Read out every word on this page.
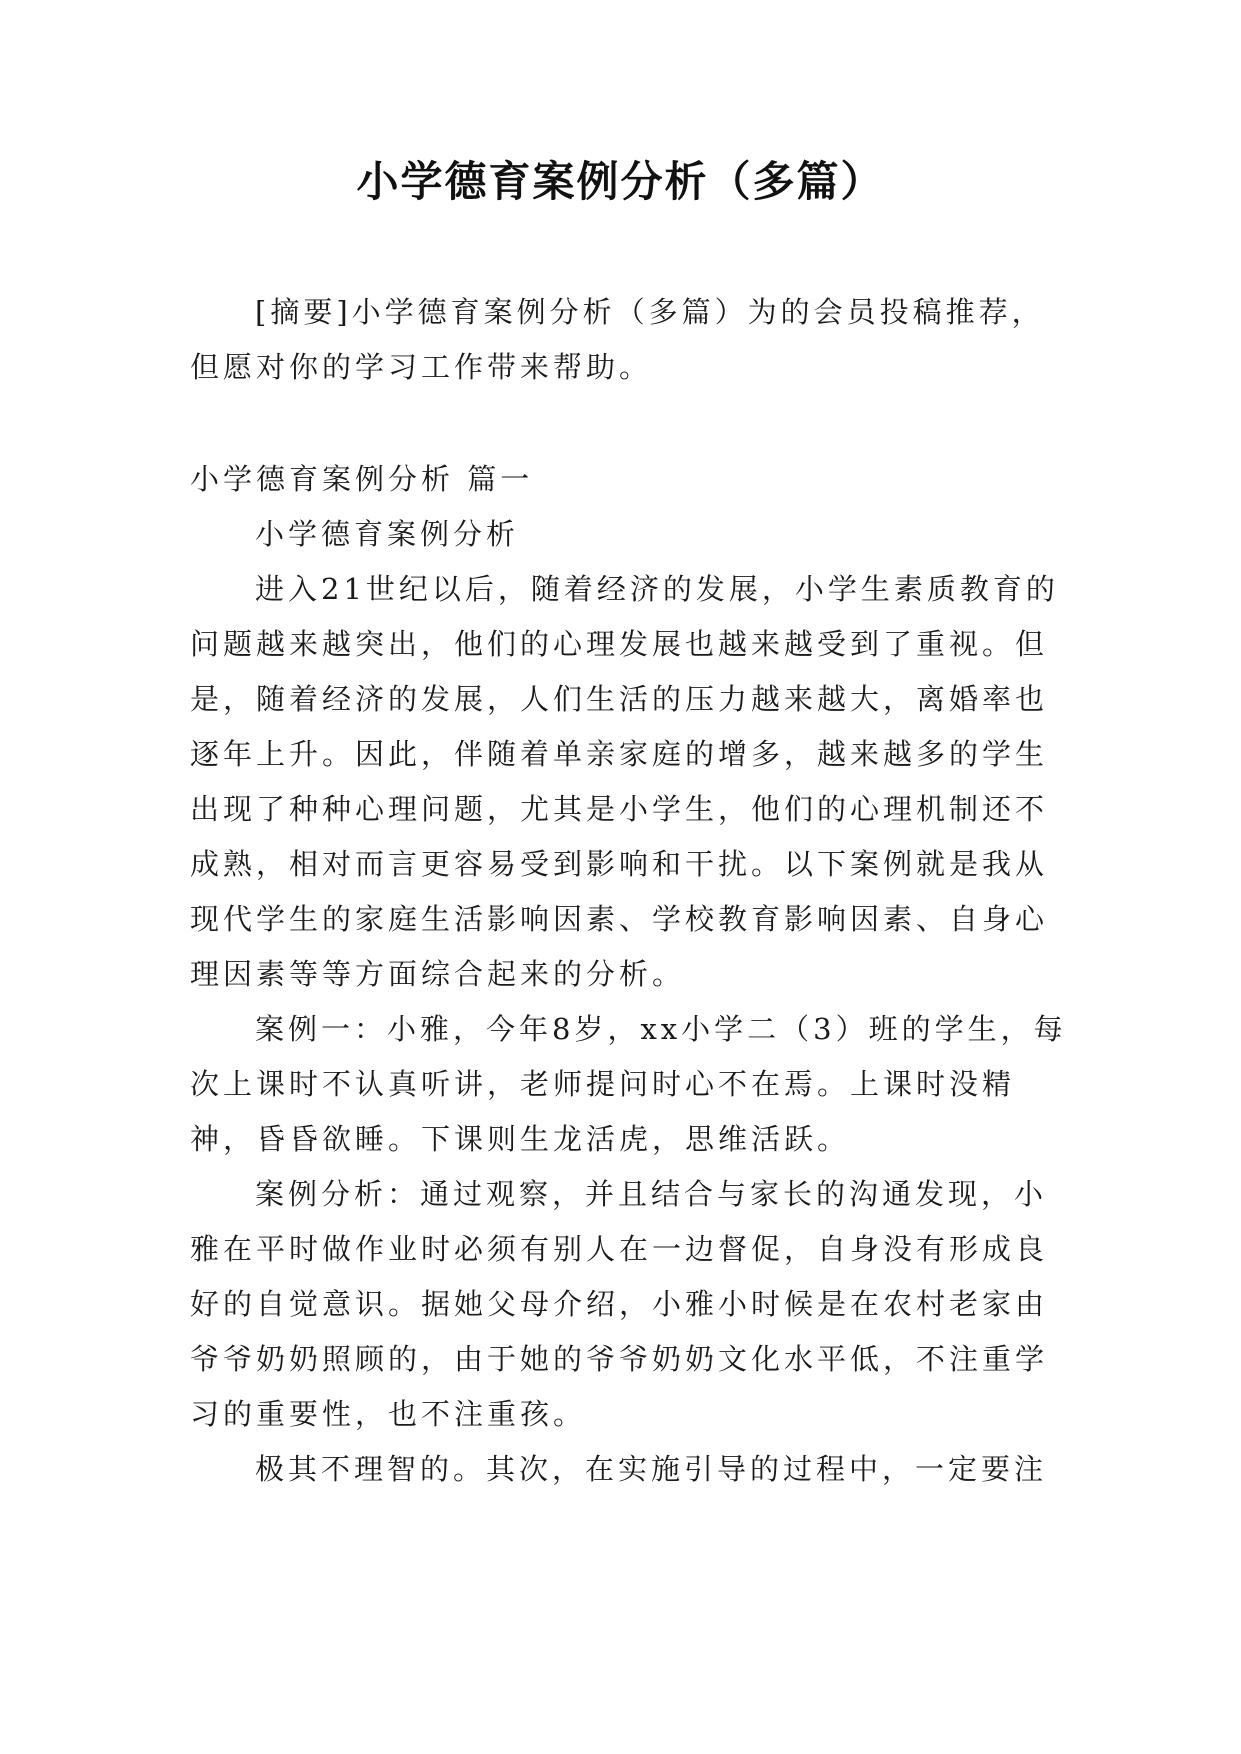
小学德育案例分析（多篇）

[摘要]小学德育案例分析（多篇）为的会员投稿推荐，但愿对你的学习工作带来帮助。

小学德育案例分析 篇一

小学德育案例分析

进入21世纪以后，随着经济的发展，小学生素质教育的问题越来越突出，他们的心理发展也越来越受到了重视。但是，随着经济的发展，人们生活的压力越来越大，离婚率也逐年上升。因此，伴随着单亲家庭的增多，越来越多的学生出现了种种心理问题，尤其是小学生，他们的心理机制还不成熟，相对而言更容易受到影响和干扰。以下案例就是我从现代学生的家庭生活影响因素、学校教育影响因素、自身心理因素等等方面综合起来的分析。

案例一：小雅，今年8岁，xx小学二（3）班的学生，每次上课时不认真听讲，老师提问时心不在焉。上课时没精神，昏昏欲睡。下课则生龙活虎，思维活跃。

案例分析：通过观察，并且结合与家长的沟通发现，小雅在平时做作业时必须有别人在一边督促，自身没有形成良好的自觉意识。据她父母介绍，小雅小时候是在农村老家由爷爷奶奶照顾的，由于她的爷爷奶奶文化水平低，不注重学习的重要性，也不注重孩。

极其不理智的。其次，在实施引导的过程中，一定要注
